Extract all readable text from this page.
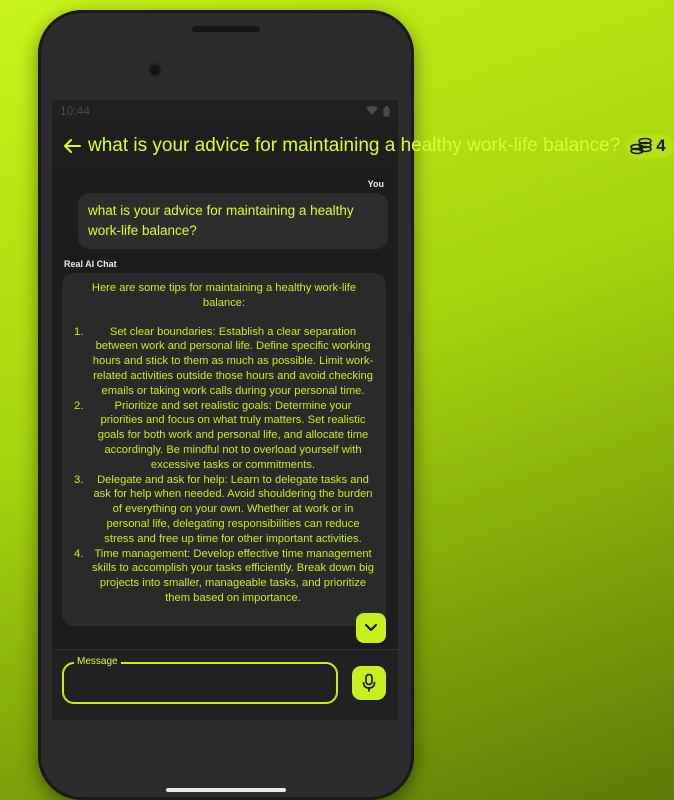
10:44
what is your advice for maintaining a healthy work-life balance? 4
You
what is your advice for maintaining a healthy work-life balance?
Real AI Chat
Here are some tips for maintaining a healthy work-life balance:
1.	Set clear boundaries: Establish a clear separation between work and personal life. Define specific working hours and stick to them as much as possible. Limit work-related activities outside those hours and avoid checking emails or taking work calls during your personal time.
2.	Prioritize and set realistic goals: Determine your priorities and focus on what truly matters. Set realistic goals for both work and personal life, and allocate time accordingly. Be mindful not to overload yourself with excessive tasks or commitments.
3.	Delegate and ask for help: Learn to delegate tasks and ask for help when needed. Avoid shouldering the burden of everything on your own. Whether at work or in personal life, delegating responsibilities can reduce stress and free up time for other important activities.
4. Time management: Develop effective time management skills to accomplish your tasks efficiently. Break down big projects into smaller, manageable tasks, and prioritize them based on importance.
Message
